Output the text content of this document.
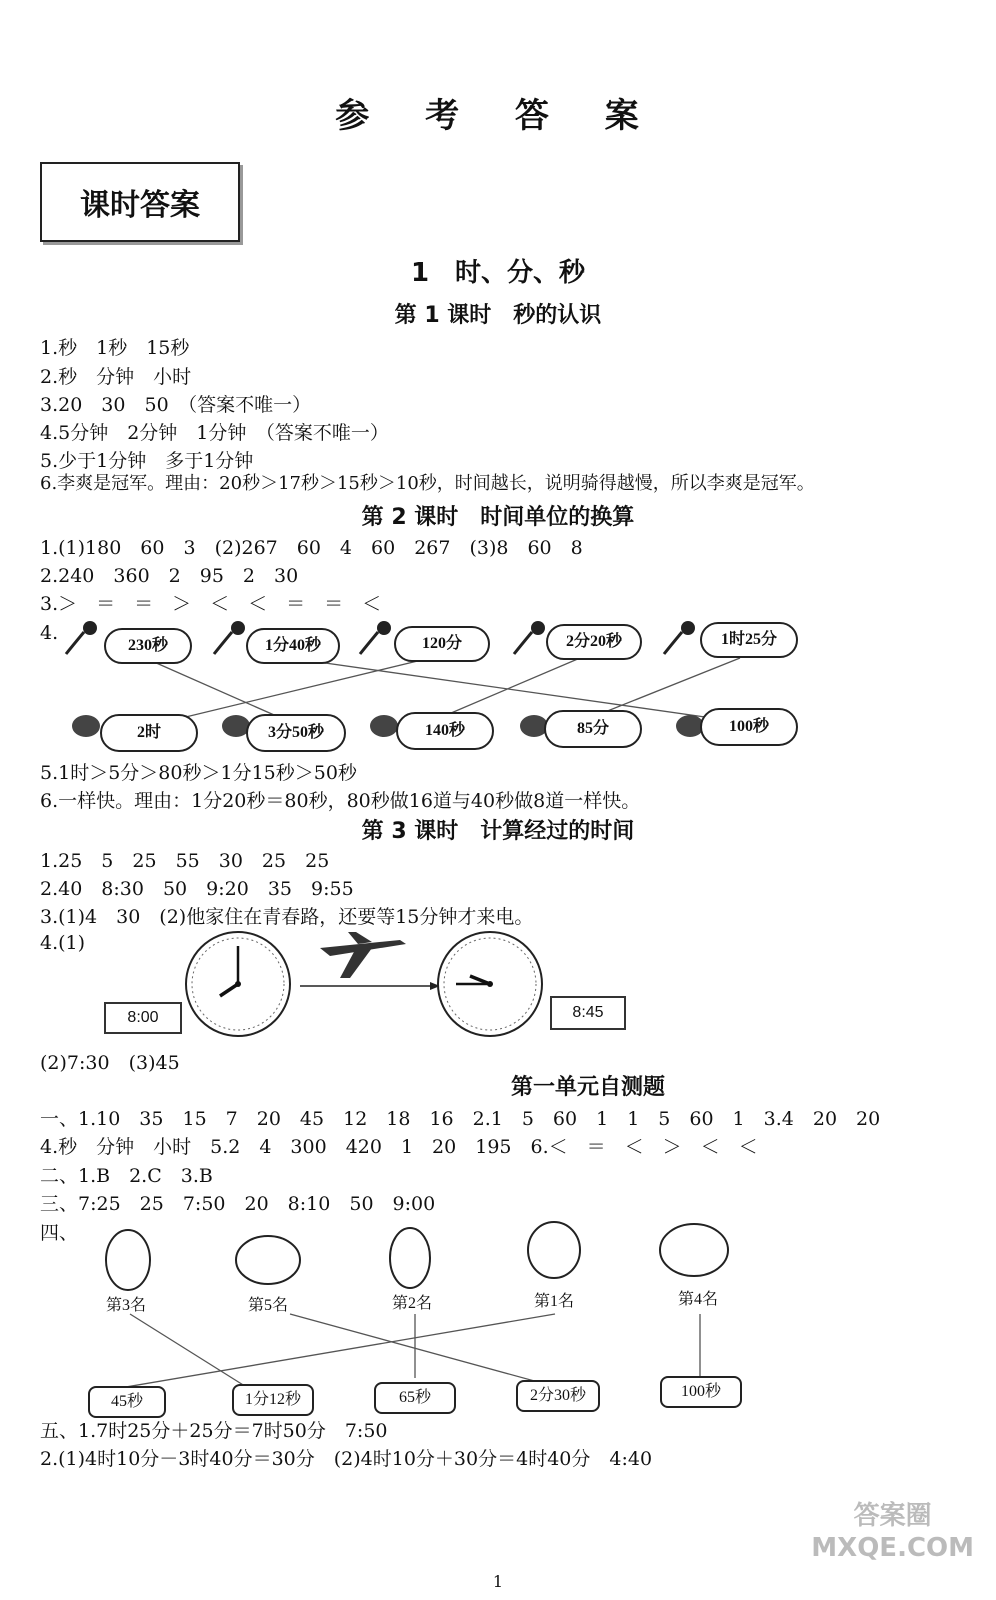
参 考 答 案
课时答案
1　时、分、秒
第 1 课时　秒的认识
1.秒　1秒　15秒
2.秒　分钟　小时
3.20　30　50　（答案不唯一）
4.5分钟　2分钟　1分钟　（答案不唯一）
5.少于1分钟　多于1分钟
6.李爽是冠军。理由：20秒＞17秒＞15秒＞10秒，时间越长，说明骑得越慢，所以李爽是冠军。
第 2 课时　时间单位的换算
1.(1)180　60　3　(2)267　60　4　60　267　(3)8　60　8
2.240　360　2　95　2　30
3.＞　＝　＝　＞　＜　＜　＝　＝　＜
4.
230秒	1分40秒	120分	2分20秒	1时25分
2时	3分50秒	140秒	85分	100秒
5.1时＞5分＞80秒＞1分15秒＞50秒
6.一样快。理由：1分20秒＝80秒，80秒做16道与40秒做8道一样快。
第 3 课时　计算经过的时间
1.25　5　25　55　30　25　25
2.40　8:30　50　9:20　35　9:55
3.(1)4　30　(2)他家住在青春路，还要等15分钟才来电。
4.(1)
8:00	8:45
(2)7:30　(3)45
第一单元自测题
一、1.10　35　15　7　20　45　12　18　16　2.1　5　60　1　1　5　60　1　3.4　20　20
4.秒　分钟　小时　5.2　4　300　420　1　20　195　6.＜　＝　＜　＞　＜　＜
二、1.B　2.C　3.B
三、7:25　25　7:50　20　8:10　50　9:00
四、
第3名	第5名	第2名	第1名	第4名
45秒	1分12秒	65秒	2分30秒	100秒
五、1.7时25分＋25分＝7时50分　7:50
2.(1)4时10分－3时40分＝30分　(2)4时10分＋30分＝4时40分　4:40
1
答案圈
MXQE.COM
